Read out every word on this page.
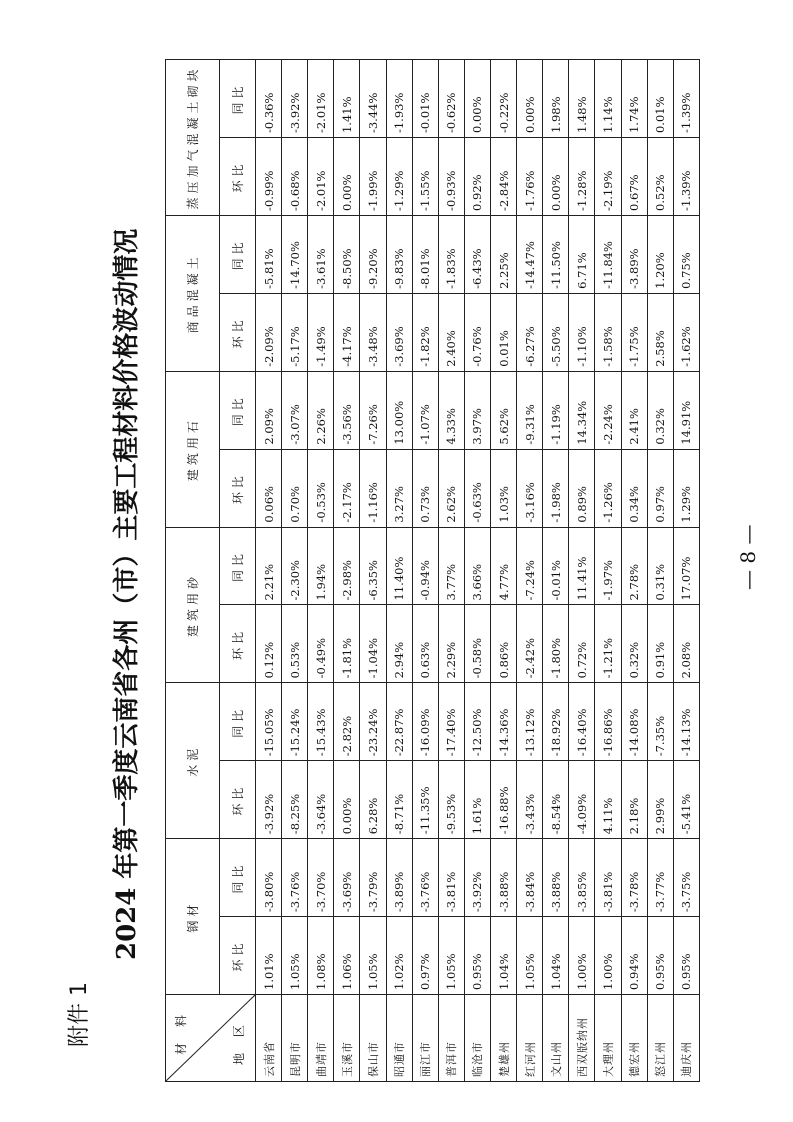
附件 1
2024 年第一季度云南省各州（市）主要工程材料价格波动情况	— 8 —
材 料 地 区	钢材		水泥		建筑用砂		建筑用石		商品混凝土		蒸压加气混凝土砌块	
	环比	同比	环比	同比	环比	同比	环比	同比	环比	同比	环比	同比
云南省	1.01%	-3.80%	-3.92%	-15.05%	0.12%	2.21%	0.06%	2.09%	-2.09%	-5.81%	-0.99%	-0.36%
昆明市	1.05%	-3.76%	-8.25%	-15.24%	0.53%	-2.30%	0.70%	-3.07%	-5.17%	-14.70%	-0.68%	-3.92%
曲靖市	1.08%	-3.70%	-3.64%	-15.43%	-0.49%	1.94%	-0.53%	2.26%	-1.49%	-3.61%	-2.01%	-2.01%
玉溪市	1.06%	-3.69%	0.00%	-2.82%	-1.81%	-2.98%	-2.17%	-3.56%	-4.17%	-8.50%	0.00%	1.41%
保山市	1.05%	-3.79%	6.28%	-23.24%	-1.04%	-6.35%	-1.16%	-7.26%	-3.48%	-9.20%	-1.99%	-3.44%
昭通市	1.02%	-3.89%	-8.71%	-22.87%	2.94%	11.40%	3.27%	13.00%	-3.69%	-9.83%	-1.29%	-1.93%
丽江市	0.97%	-3.76%	-11.35%	-16.09%	0.63%	-0.94%	0.73%	-1.07%	-1.82%	-8.01%	-1.55%	-0.01%
普洱市	1.05%	-3.81%	-9.53%	-17.40%	2.29%	3.77%	2.62%	4.33%	2.40%	-1.83%	-0.93%	-0.62%
临沧市	0.95%	-3.92%	1.61%	-12.50%	-0.58%	3.66%	-0.63%	3.97%	-0.76%	-6.43%	0.92%	0.00%
楚雄州	1.04%	-3.88%	-16.88%	-14.36%	0.86%	4.77%	1.03%	5.62%	0.01%	2.25%	-2.84%	-0.22%
红河州	1.05%	-3.84%	-3.43%	-13.12%	-2.42%	-7.24%	-3.16%	-9.31%	-6.27%	-14.47%	-1.76%	0.00%
文山州	1.04%	-3.88%	-8.54%	-18.92%	-1.80%	-0.01%	-1.98%	-1.19%	-5.50%	-11.50%	0.00%	1.98%
西双版纳州	1.00%	-3.85%	-4.09%	-16.40%	0.72%	11.41%	0.89%	14.34%	-1.10%	6.71%	-1.28%	1.48%
大理州	1.00%	-3.81%	4.11%	-16.86%	-1.21%	-1.97%	-1.26%	-2.24%	-1.58%	-11.84%	-2.19%	1.14%
德宏州	0.94%	-3.78%	2.18%	-14.08%	0.32%	2.78%	0.34%	2.41%	-1.75%	-3.89%	0.67%	1.74%
怒江州	0.95%	-3.77%	2.99%	-7.35%	0.91%	0.31%	0.97%	0.32%	2.58%	1.20%	0.52%	0.01%
迪庆州	0.95%	-3.75%	-5.41%	-14.13%	2.08%	17.07%	1.29%	14.91%	-1.62%	0.75%	-1.39%	-1.39%
